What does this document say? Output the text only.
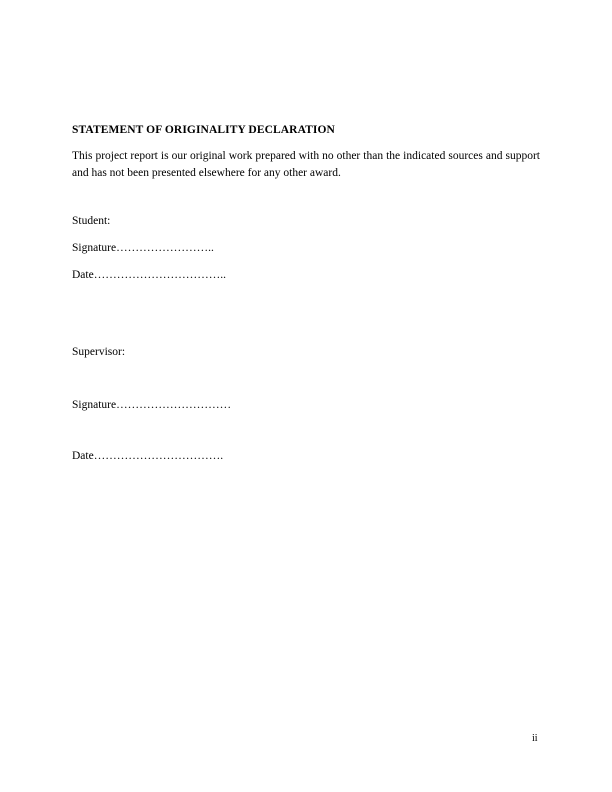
STATEMENT OF ORIGINALITY DECLARATION
This project report is our original work prepared with no other than the indicated sources and support and has not been presented elsewhere for any other award.
Student:
Signature……………………..
Date……………………………..
Supervisor:
Signature…………………………
Date…………………………….
ii
